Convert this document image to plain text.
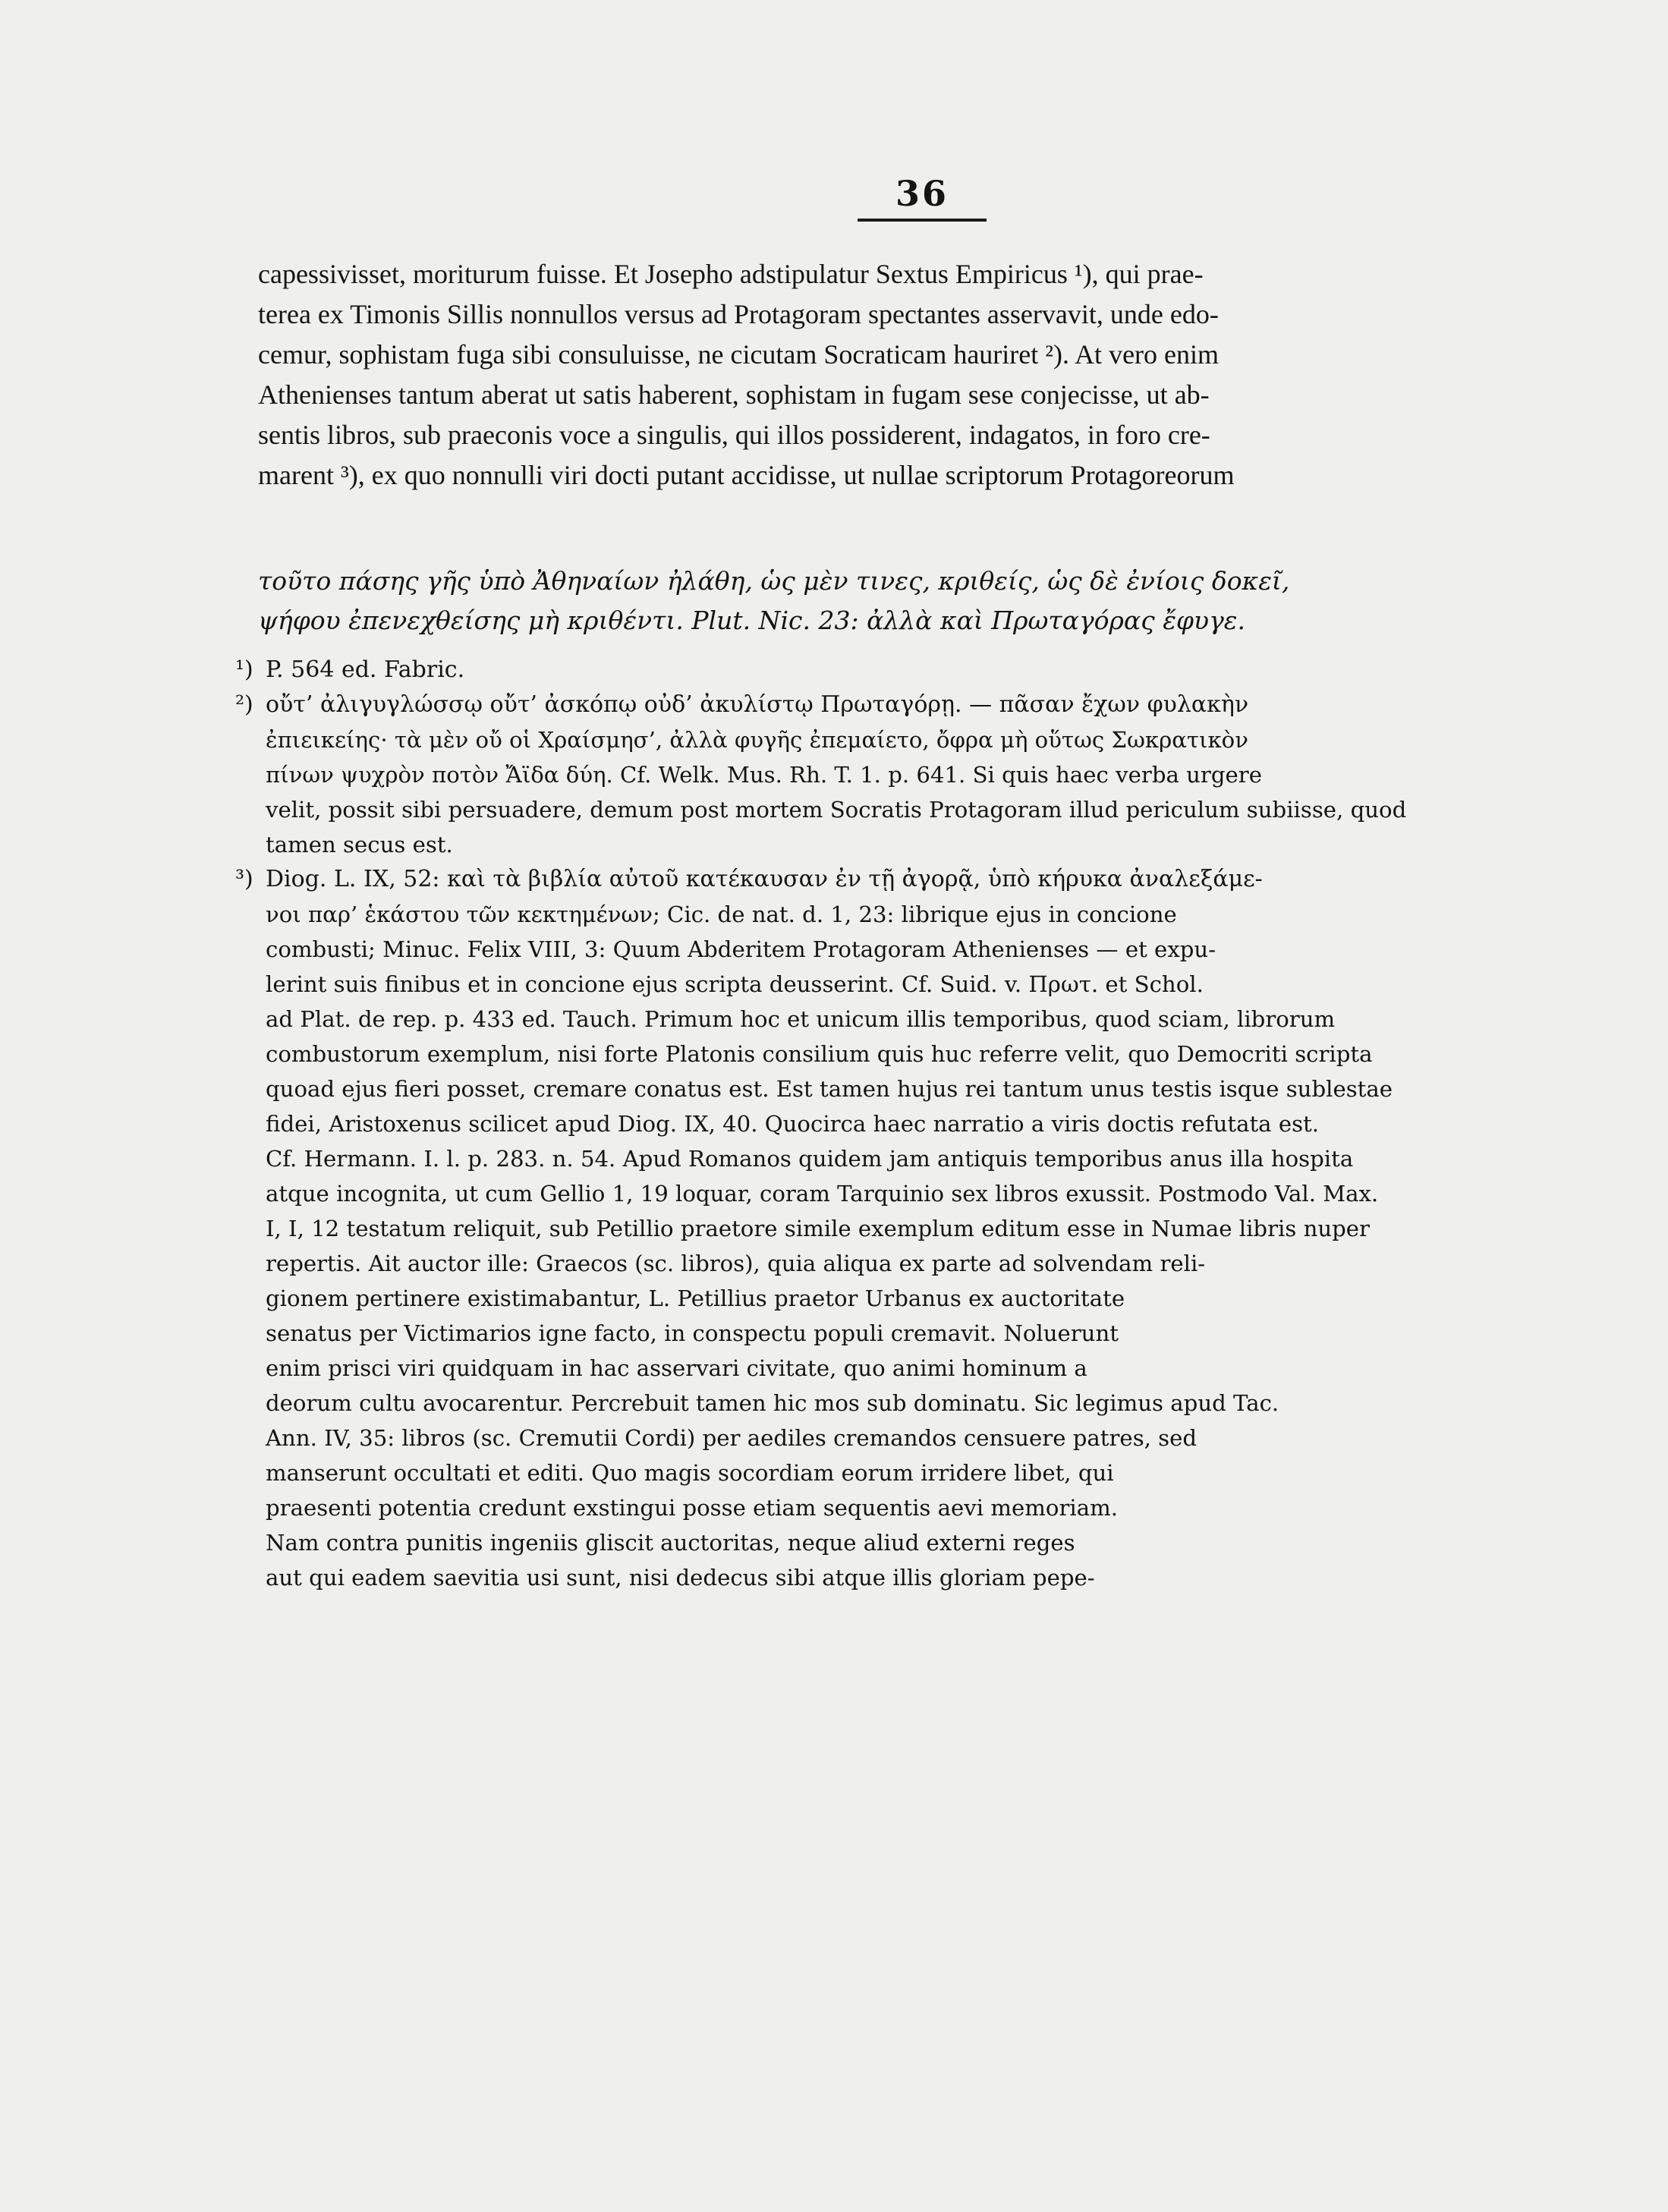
36
capessivisset, moriturum fuisse. Et Josepho adstipulatur Sextus Empiricus ¹), qui prae-
terea ex Timonis Sillis nonnullos versus ad Protagoram spectantes asservavit, unde edo-
cemur, sophistam fuga sibi consuluisse, ne cicutam Socraticam hauriret ²). At vero enim
Athenienses tantum aberat ut satis haberent, sophistam in fugam sese conjecisse, ut ab-
sentis libros, sub praeconis voce a singulis, qui illos possiderent, indagatos, in foro cre-
marent ³), ex quo nonnulli viri docti putant accidisse, ut nullae scriptorum Protagoreorum
τοῦτο πάσης γῆς ὑπὸ Ἀθηναίων ἠλάθη, ὡς μὲν τινες, κριθείς, ὡς δὲ ἐνίοις δοκεῖ,
ψήφου ἐπενεχθείσης μὴ κριθέντι. Plut. Nic. 23: ἀλλὰ καὶ Πρωταγόρας ἔφυγε.
¹) P. 564 ed. Fabric.
²) οὔτ’ ἀλιγυγλώσσῳ οὔτ’ ἀσκόπῳ οὐδ’ ἀκυλίστῳ Πρωταγόρῃ. — πᾶσαν ἔχων φυλακὴν
ἐπιεικείης· τὰ μὲν οὔ οἱ Χραίσμησ’, ἀλλὰ φυγῆς ἐπεμαίετο, ὄφρα μὴ οὕτως Σωκρατικὸν
πίνων ψυχρὸν ποτὸν Ἄϊδα δύη. Cf. Welk. Mus. Rh. T. 1. p. 641. Si quis haec verba urgere
velit, possit sibi persuadere, demum post mortem Socratis Protagoram illud periculum subiisse, quod
tamen secus est.
³) Diog. L. IX, 52: καὶ τὰ βιβλία αὐτοῦ κατέκαυσαν ἐν τῇ ἀγορᾷ, ὑπὸ κήρυκα ἀναλεξάμε-
νοι παρ’ ἑκάστου τῶν κεκτημένων; Cic. de nat. d. 1, 23: librique ejus in concione
combusti; Minuc. Felix VIII, 3: Quum Abderitem Protagoram Athenienses — et expu-
lerint suis finibus et in concione ejus scripta deusserint. Cf. Suid. v. Πρωτ. et Schol.
ad Plat. de rep. p. 433 ed. Tauch. Primum hoc et unicum illis temporibus, quod sciam, librorum
combustorum exemplum, nisi forte Platonis consilium quis huc referre velit, quo Democriti scripta
quoad ejus fieri posset, cremare conatus est. Est tamen hujus rei tantum unus testis isque sublestae
fidei, Aristoxenus scilicet apud Diog. IX, 40. Quocirca haec narratio a viris doctis refutata est.
Cf. Hermann. I. l. p. 283. n. 54. Apud Romanos quidem jam antiquis temporibus anus illa hospita
atque incognita, ut cum Gellio 1, 19 loquar, coram Tarquinio sex libros exussit. Postmodo Val. Max.
I, I, 12 testatum reliquit, sub Petillio praetore simile exemplum editum esse in Numae libris nuper
repertis. Ait auctor ille: Graecos (sc. libros), quia aliqua ex parte ad solvendam reli-
gionem pertinere existimabantur, L. Petillius praetor Urbanus ex auctoritate
senatus per Victimarios igne facto, in conspectu populi cremavit. Noluerunt
enim prisci viri quidquam in hac asservari civitate, quo animi hominum a
deorum cultu avocarentur. Percrebuit tamen hic mos sub dominatu. Sic legimus apud Tac.
Ann. IV, 35: libros (sc. Cremutii Cordi) per aediles cremandos censuere patres, sed
manserunt occultati et editi. Quo magis socordiam eorum irridere libet, qui
praesenti potentia credunt exstingui posse etiam sequentis aevi memoriam.
Nam contra punitis ingeniis gliscit auctoritas, neque aliud externi reges
aut qui eadem saevitia usi sunt, nisi dedecus sibi atque illis gloriam pepe-
